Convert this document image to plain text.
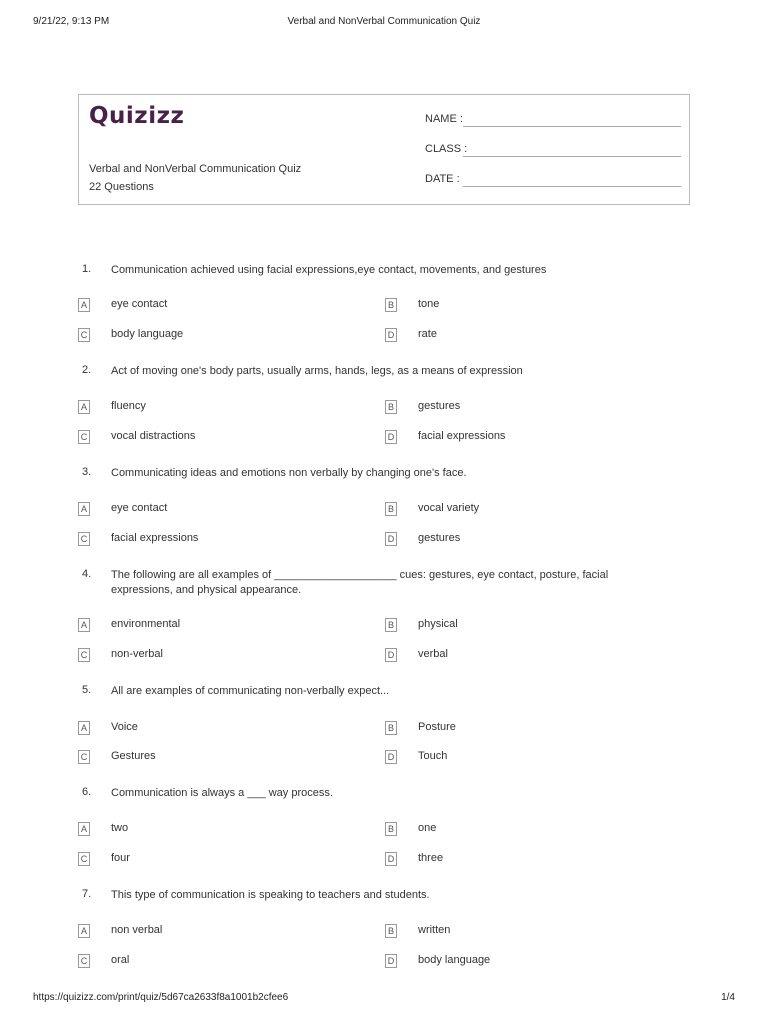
9/21/22, 9:13 PM	Verbal and NonVerbal Communication Quiz
Quizizz
Verbal and NonVerbal Communication Quiz
22 Questions
NAME :
CLASS :
DATE :
1. Communication achieved using facial expressions,eye contact, movements, and gestures
A eye contact	B tone
C body language	D rate
2. Act of moving one's body parts, usually arms, hands, legs, as a means of expression
A fluency	B gestures
C vocal distractions	D facial expressions
3. Communicating ideas and emotions non verbally by changing one's face.
A eye contact	B vocal variety
C facial expressions	D gestures
4. The following are all examples of ____________________ cues: gestures, eye contact, posture, facial expressions, and physical appearance.
A environmental	B physical
C non-verbal	D verbal
5. All are examples of communicating non-verbally expect...
A Voice	B Posture
C Gestures	D Touch
6. Communication is always a ___ way process.
A two	B one
C four	D three
7. This type of communication is speaking to teachers and students.
A non verbal	B written
C oral	D body language
https://quizizz.com/print/quiz/5d67ca2633f8a1001b2cfee6	1/4
